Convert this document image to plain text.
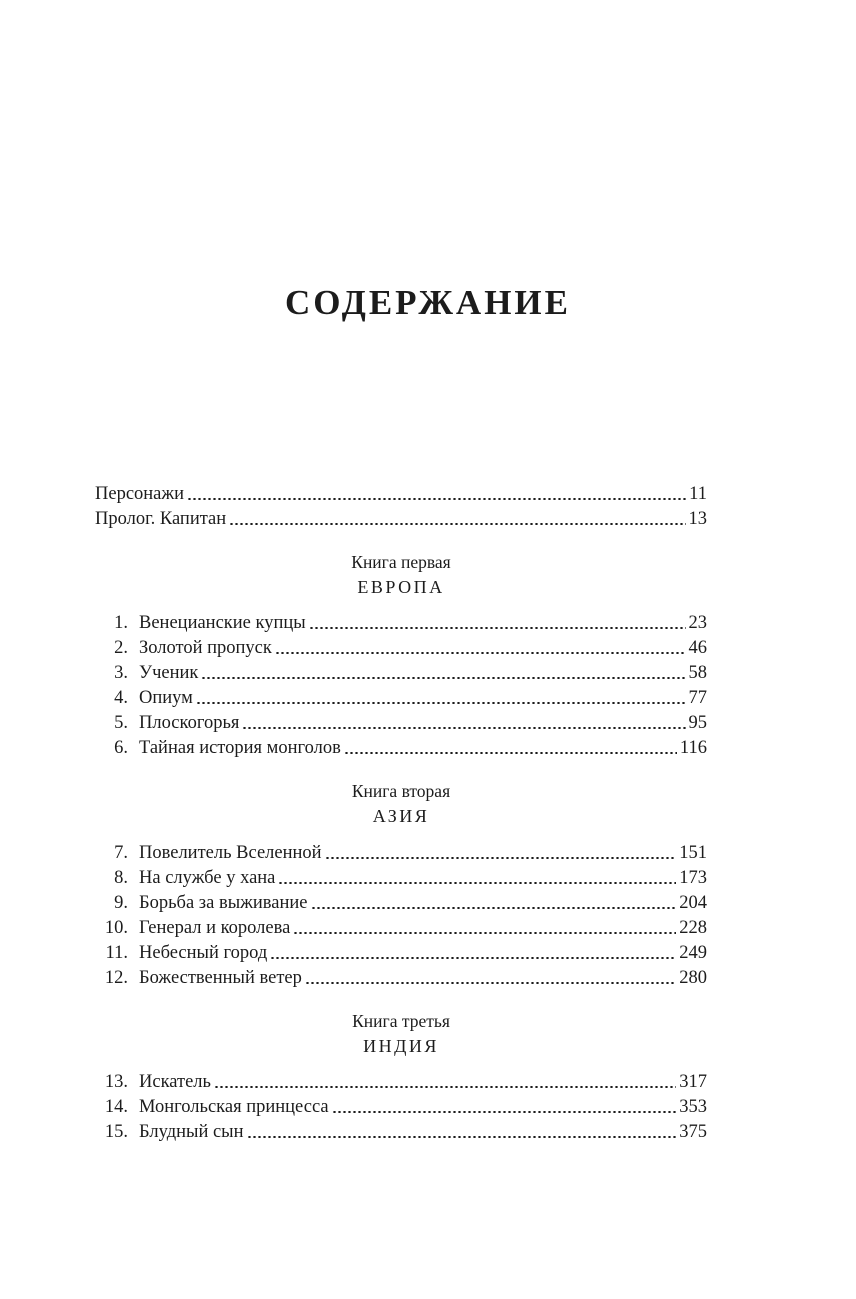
СОДЕРЖАНИЕ
Персонажи	11
Пролог. Капитан	13
Книга первая
ЕВРОПА
1. Венецианские купцы	23
2. Золотой пропуск	46
3. Ученик	58
4. Опиум	77
5. Плоскогорья	95
6. Тайная история монголов	116
Книга вторая
АЗИЯ
7. Повелитель Вселенной	151
8. На службе у хана	173
9. Борьба за выживание	204
10. Генерал и королева	228
11. Небесный город	249
12. Божественный ветер	280
Книга третья
ИНДИЯ
13. Искатель	317
14. Монгольская принцесса	353
15. Блудный сын	375
